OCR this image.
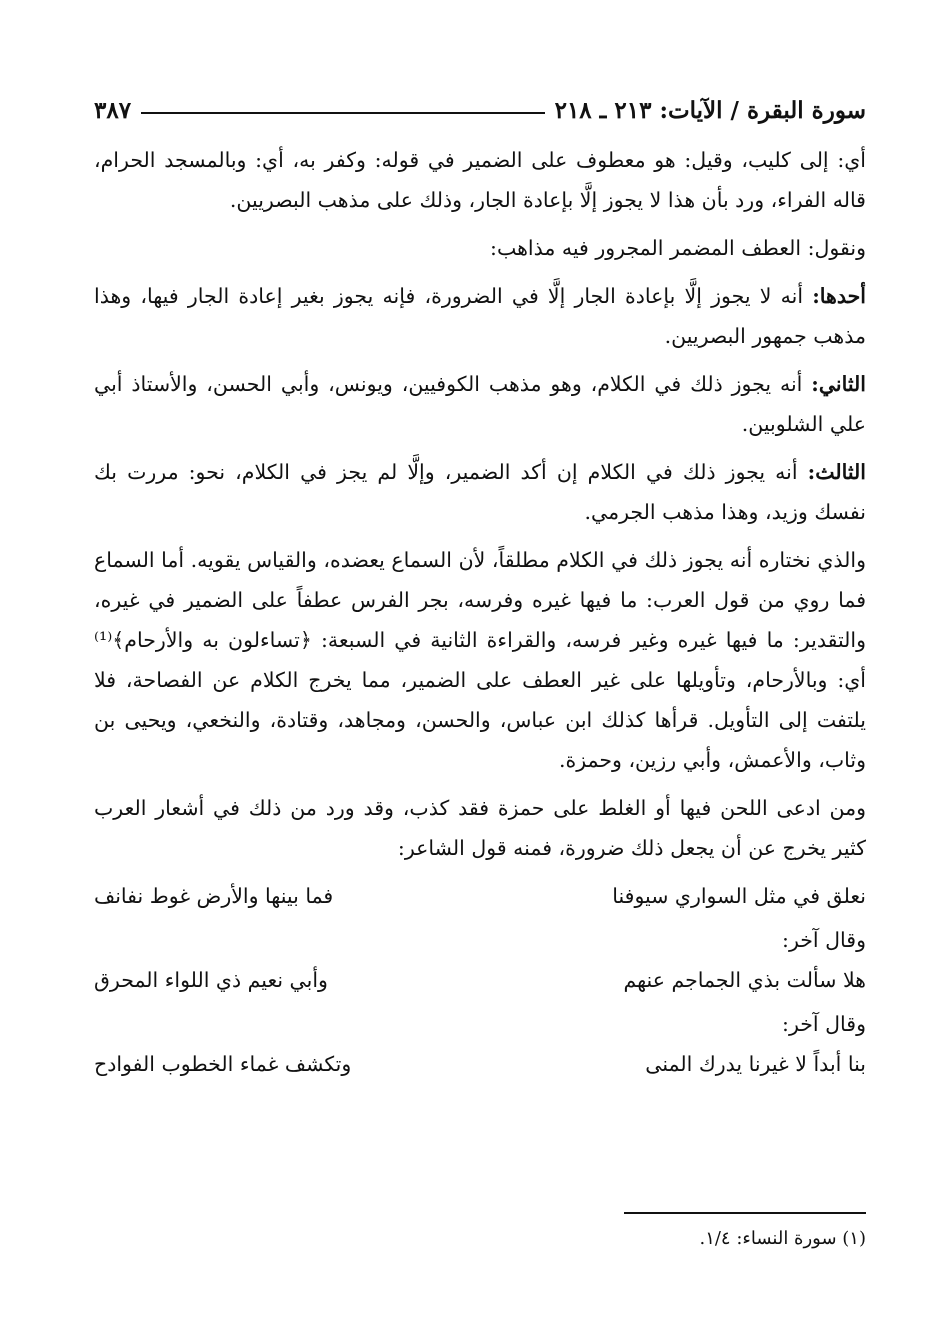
سورة البقرة / الآيات: ٢١٣ ـ ٢١٨
٣٨٧

أي: إلى كليب، وقيل: هو معطوف على الضمير في قوله: وكفر به، أي: وبالمسجد الحرام، قاله الفراء، ورد بأن هذا لا يجوز إلَّا بإعادة الجار، وذلك على مذهب البصريين.

ونقول: العطف المضمر المجرور فيه مذاهب:

أحدها: أنه لا يجوز إلَّا بإعادة الجار إلَّا في الضرورة، فإنه يجوز بغير إعادة الجار فيها، وهذا مذهب جمهور البصريين.

الثاني: أنه يجوز ذلك في الكلام، وهو مذهب الكوفيين، ويونس، وأبي الحسن، والأستاذ أبي علي الشلوبين.

الثالث: أنه يجوز ذلك في الكلام إن أكد الضمير، وإلَّا لم يجز في الكلام، نحو: مررت بك نفسك وزيد، وهذا مذهب الجرمي.

والذي نختاره أنه يجوز ذلك في الكلام مطلقاً، لأن السماع يعضده، والقياس يقويه. أما السماع فما روي من قول العرب: ما فيها غيره وفرسه، بجر الفرس عطفاً على الضمير في غيره، والتقدير: ما فيها غيره وغير فرسه، والقراءة الثانية في السبعة: ﴿تساءلون به والأرحام﴾⁽¹⁾ أي: وبالأرحام، وتأويلها على غير العطف على الضمير، مما يخرج الكلام عن الفصاحة، فلا يلتفت إلى التأويل. قرأها كذلك ابن عباس، والحسن، ومجاهد، وقتادة، والنخعي، ويحيى بن وثاب، والأعمش، وأبي رزين، وحمزة.

ومن ادعى اللحن فيها أو الغلط على حمزة فقد كذب، وقد ورد من ذلك في أشعار العرب كثير يخرج عن أن يجعل ذلك ضرورة، فمنه قول الشاعر:

نعلق في مثل السواري سيوفنا
فما بينها والأرض غوط نفانف
وقال آخر:
هلا سألت بذي الجماجم عنهم
وأبي نعيم ذي اللواء المحرق
وقال آخر:
بنا أبداً لا غيرنا يدرك المنى
وتكشف غماء الخطوب الفوادح
(١) سورة النساء: ١/٤.
